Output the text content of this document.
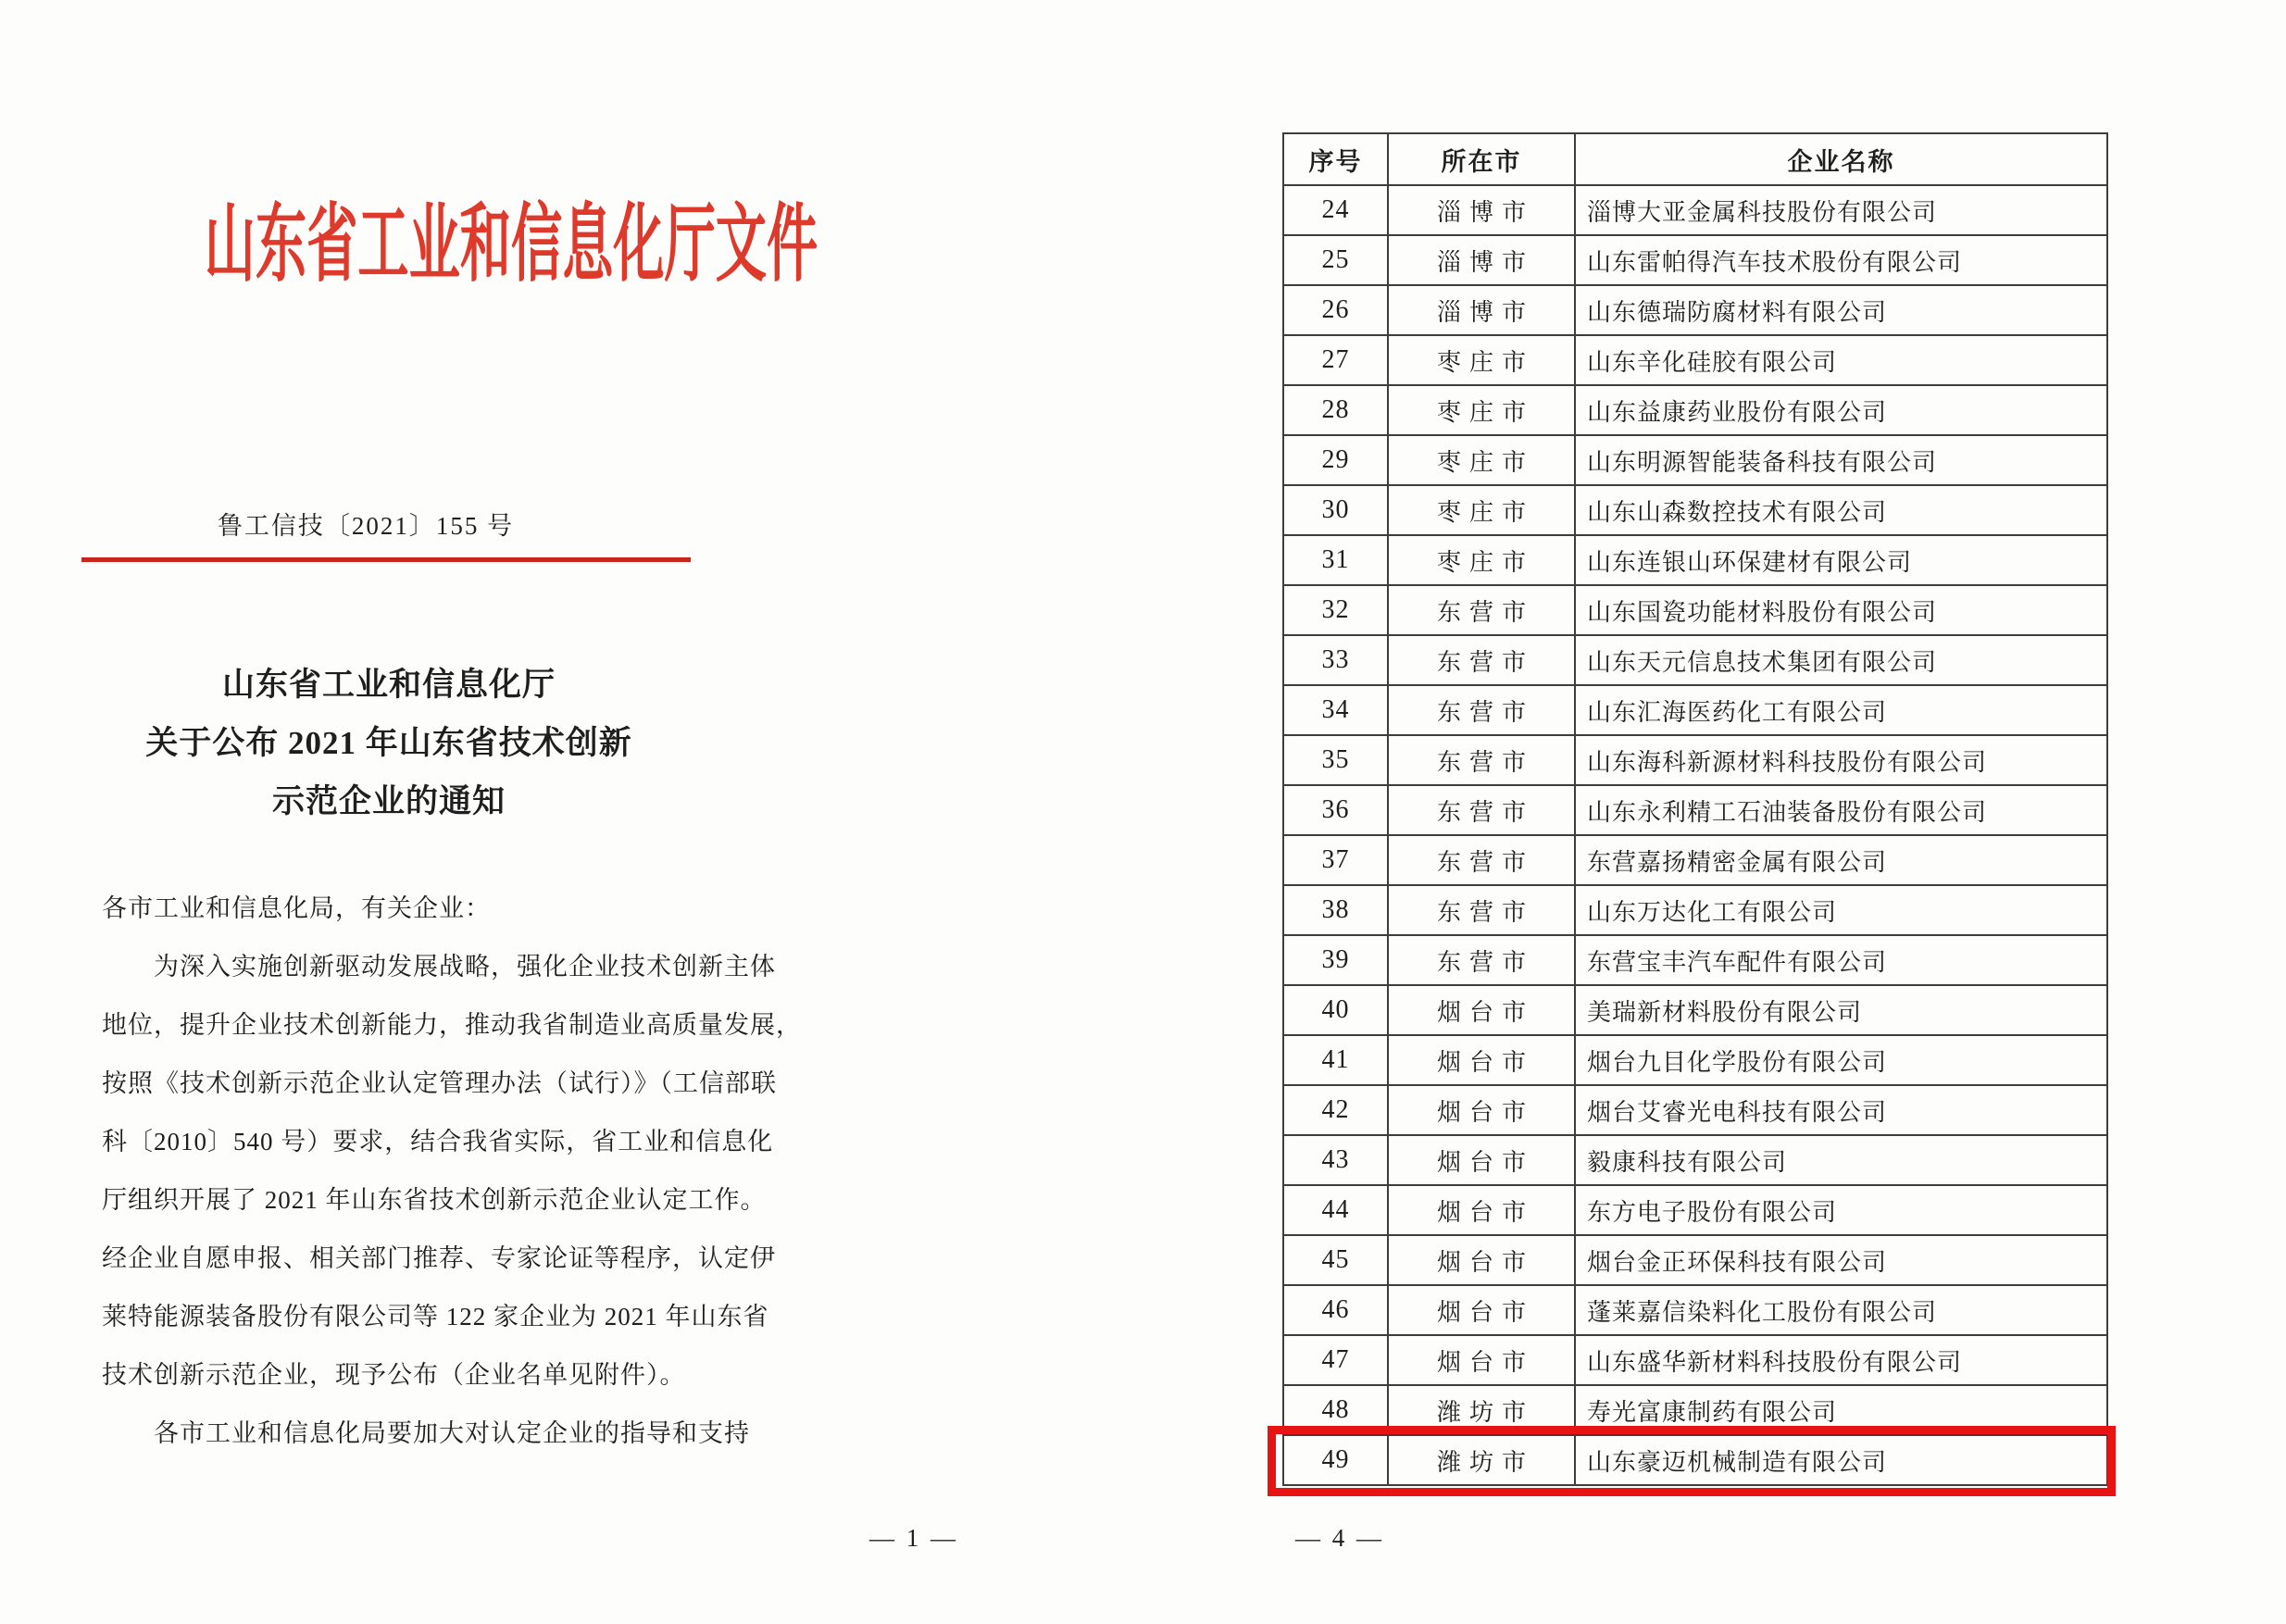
山东省工业和信息化厅文件
鲁工信技〔2021〕155 号
山东省工业和信息化厅
关于公布 2021 年山东省技术创新
示范企业的通知
各市工业和信息化局，有关企业：
为深入实施创新驱动发展战略，强化企业技术创新主体
地位，提升企业技术创新能力，推动我省制造业高质量发展，
按照《技术创新示范企业认定管理办法（试行）》（工信部联
科〔2010〕540 号）要求，结合我省实际，省工业和信息化
厅组织开展了 2021 年山东省技术创新示范企业认定工作。
经企业自愿申报、相关部门推荐、专家论证等程序，认定伊
莱特能源装备股份有限公司等 122 家企业为 2021 年山东省
技术创新示范企业，现予公布（企业名单见附件）。
各市工业和信息化局要加大对认定企业的指导和支持
— 1 —
序号	所在市	企业名称
24	淄博市	淄博大亚金属科技股份有限公司
25	淄博市	山东雷帕得汽车技术股份有限公司
26	淄博市	山东德瑞防腐材料有限公司
27	枣庄市	山东辛化硅胶有限公司
28	枣庄市	山东益康药业股份有限公司
29	枣庄市	山东明源智能装备科技有限公司
30	枣庄市	山东山森数控技术有限公司
31	枣庄市	山东连银山环保建材有限公司
32	东营市	山东国瓷功能材料股份有限公司
33	东营市	山东天元信息技术集团有限公司
34	东营市	山东汇海医药化工有限公司
35	东营市	山东海科新源材料科技股份有限公司
36	东营市	山东永利精工石油装备股份有限公司
37	东营市	东营嘉扬精密金属有限公司
38	东营市	山东万达化工有限公司
39	东营市	东营宝丰汽车配件有限公司
40	烟台市	美瑞新材料股份有限公司
41	烟台市	烟台九目化学股份有限公司
42	烟台市	烟台艾睿光电科技有限公司
43	烟台市	毅康科技有限公司
44	烟台市	东方电子股份有限公司
45	烟台市	烟台金正环保科技有限公司
46	烟台市	蓬莱嘉信染料化工股份有限公司
47	烟台市	山东盛华新材料科技股份有限公司
48	潍坊市	寿光富康制药有限公司
49	潍坊市	山东豪迈机械制造有限公司
— 4 —
